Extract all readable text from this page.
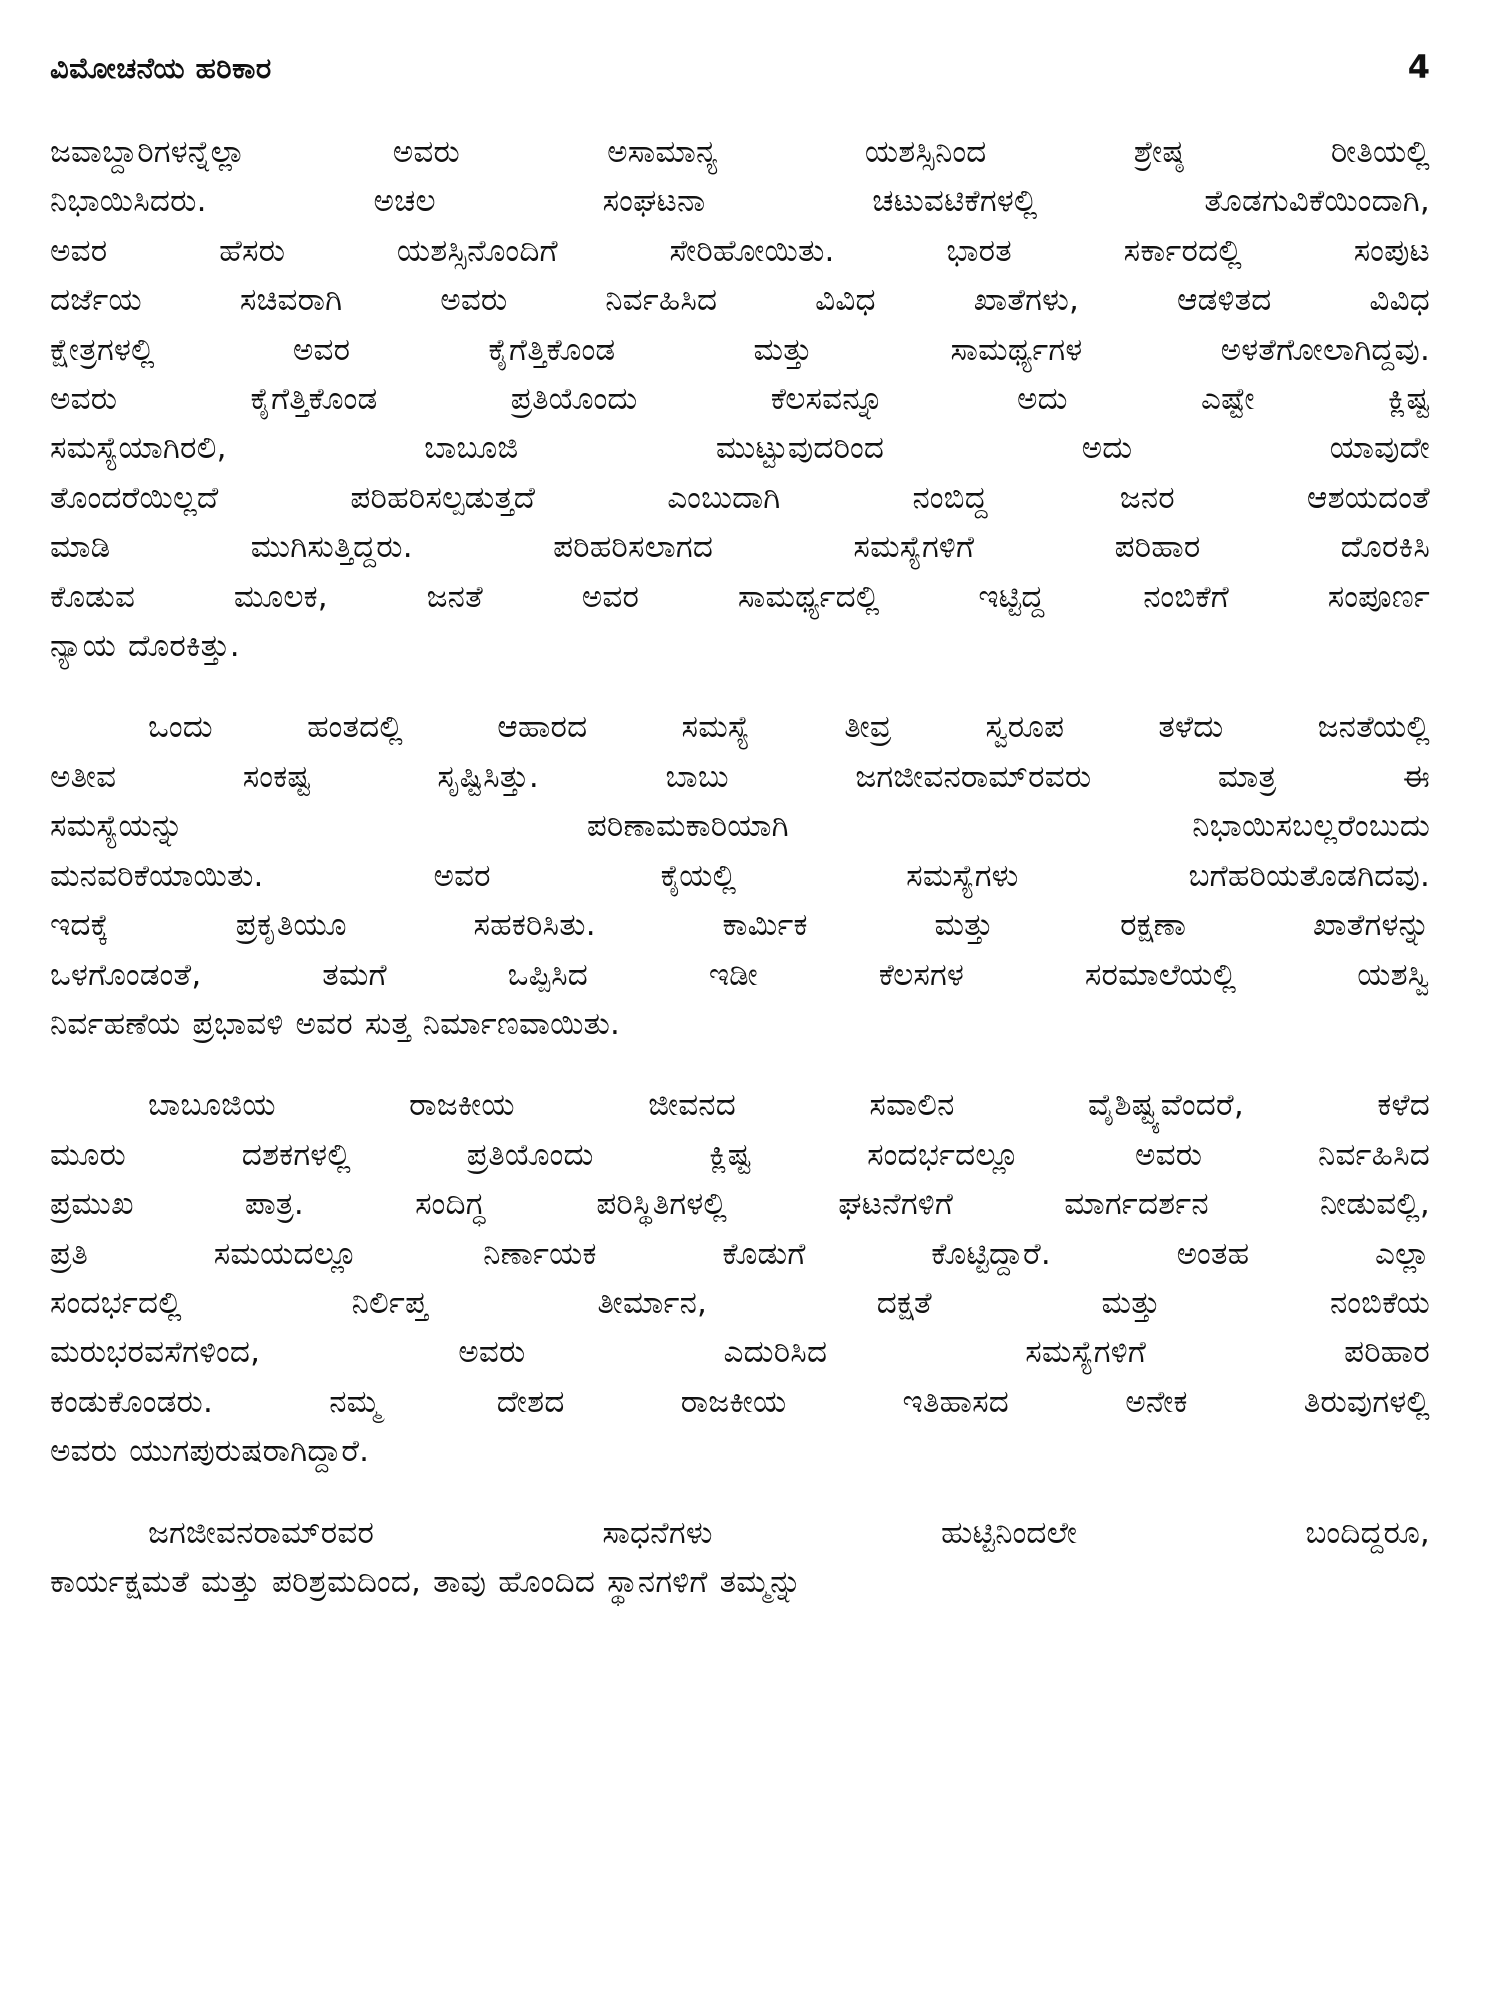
ವಿಮೋಚನೆಯ ಹರಿಕಾರ	4
ಜವಾಬ್ದಾರಿಗಳನ್ನೆಲ್ಲಾ ಅವರು ಅಸಾಮಾನ್ಯ ಯಶಸ್ಸಿನಿಂದ ಶ್ರೇಷ್ಠ ರೀತಿಯಲ್ಲಿ
ನಿಭಾಯಿಸಿದರು. ಅಚಲ ಸಂಘಟನಾ ಚಟುವಟಿಕೆಗಳಲ್ಲಿ ತೊಡಗುವಿಕೆಯಿಂದಾಗಿ,
ಅವರ ಹೆಸರು ಯಶಸ್ಸಿನೊಂದಿಗೆ ಸೇರಿಹೋಯಿತು. ಭಾರತ ಸರ್ಕಾರದಲ್ಲಿ ಸಂಪುಟ
ದರ್ಜೆಯ ಸಚಿವರಾಗಿ ಅವರು ನಿರ್ವಹಿಸಿದ ವಿವಿಧ ಖಾತೆಗಳು, ಆಡಳಿತದ ವಿವಿಧ
ಕ್ಷೇತ್ರಗಳಲ್ಲಿ ಅವರ ಕೈಗೆತ್ತಿಕೊಂಡ ಮತ್ತು ಸಾಮರ್ಥ್ಯಗಳ ಅಳತೆಗೋಲಾಗಿದ್ದವು.
ಅವರು ಕೈಗೆತ್ತಿಕೊಂಡ ಪ್ರತಿಯೊಂದು ಕೆಲಸವನ್ನೂ ಅದು ಎಷ್ಟೇ ಕ್ಲಿಷ್ಟ
ಸಮಸ್ಯೆಯಾಗಿರಲಿ, ಬಾಬೂಜಿ ಮುಟ್ಟುವುದರಿಂದ ಅದು ಯಾವುದೇ
ತೊಂದರೆಯಿಲ್ಲದೆ ಪರಿಹರಿಸಲ್ಪಡುತ್ತದೆ ಎಂಬುದಾಗಿ ನಂಬಿದ್ದ ಜನರ ಆಶಯದಂತೆ
ಮಾಡಿ ಮುಗಿಸುತ್ತಿದ್ದರು. ಪರಿಹರಿಸಲಾಗದ ಸಮಸ್ಯೆಗಳಿಗೆ ಪರಿಹಾರ ದೊರಕಿಸಿ
ಕೊಡುವ ಮೂಲಕ, ಜನತೆ ಅವರ ಸಾಮರ್ಥ್ಯದಲ್ಲಿ ಇಟ್ಟಿದ್ದ ನಂಬಿಕೆಗೆ ಸಂಪೂರ್ಣ
ನ್ಯಾಯ ದೊರಕಿತ್ತು.
ಒಂದು ಹಂತದಲ್ಲಿ ಆಹಾರದ ಸಮಸ್ಯೆ ತೀವ್ರ ಸ್ವರೂಪ ತಳೆದು ಜನತೆಯಲ್ಲಿ
ಅತೀವ ಸಂಕಷ್ಟ ಸೃಷ್ಟಿಸಿತ್ತು. ಬಾಬು ಜಗಜೀವನರಾಮ್‌ರವರು ಮಾತ್ರ ಈ
ಸಮಸ್ಯೆಯನ್ನು ಪರಿಣಾಮಕಾರಿಯಾಗಿ ನಿಭಾಯಿಸಬಲ್ಲರೆಂಬುದು
ಮನವರಿಕೆಯಾಯಿತು. ಅವರ ಕೈಯಲ್ಲಿ ಸಮಸ್ಯೆಗಳು ಬಗೆಹರಿಯತೊಡಗಿದವು.
ಇದಕ್ಕೆ ಪ್ರಕೃತಿಯೂ ಸಹಕರಿಸಿತು. ಕಾರ್ಮಿಕ ಮತ್ತು ರಕ್ಷಣಾ ಖಾತೆಗಳನ್ನು
ಒಳಗೊಂಡಂತೆ, ತಮಗೆ ಒಪ್ಪಿಸಿದ ಇಡೀ ಕೆಲಸಗಳ ಸರಮಾಲೆಯಲ್ಲಿ ಯಶಸ್ವಿ
ನಿರ್ವಹಣೆಯ ಪ್ರಭಾವಳಿ ಅವರ ಸುತ್ತ ನಿರ್ಮಾಣವಾಯಿತು.
ಬಾಬೂಜಿಯ ರಾಜಕೀಯ ಜೀವನದ ಸವಾಲಿನ ವೈಶಿಷ್ಟ್ಯವೆಂದರೆ, ಕಳೆದ
ಮೂರು ದಶಕಗಳಲ್ಲಿ ಪ್ರತಿಯೊಂದು ಕ್ಲಿಷ್ಟ ಸಂದರ್ಭದಲ್ಲೂ ಅವರು ನಿರ್ವಹಿಸಿದ
ಪ್ರಮುಖ ಪಾತ್ರ. ಸಂದಿಗ್ಧ ಪರಿಸ್ಥಿತಿಗಳಲ್ಲಿ ಘಟನೆಗಳಿಗೆ ಮಾರ್ಗದರ್ಶನ ನೀಡುವಲ್ಲಿ,
ಪ್ರತಿ ಸಮಯದಲ್ಲೂ ನಿರ್ಣಾಯಕ ಕೊಡುಗೆ ಕೊಟ್ಟಿದ್ದಾರೆ. ಅಂತಹ ಎಲ್ಲಾ
ಸಂದರ್ಭದಲ್ಲಿ ನಿರ್ಲಿಪ್ತ ತೀರ್ಮಾನ, ದಕ್ಷತೆ ಮತ್ತು ನಂಬಿಕೆಯ
ಮರುಭರವಸೆಗಳಿಂದ, ಅವರು ಎದುರಿಸಿದ ಸಮಸ್ಯೆಗಳಿಗೆ ಪರಿಹಾರ
ಕಂಡುಕೊಂಡರು. ನಮ್ಮ ದೇಶದ ರಾಜಕೀಯ ಇತಿಹಾಸದ ಅನೇಕ ತಿರುವುಗಳಲ್ಲಿ
ಅವರು ಯುಗಪುರುಷರಾಗಿದ್ದಾರೆ.
ಜಗಜೀವನರಾಮ್‌ರವರ ಸಾಧನೆಗಳು ಹುಟ್ಟಿನಿಂದಲೇ ಬಂದಿದ್ದರೂ,
ಕಾರ್ಯಕ್ಷಮತೆ ಮತ್ತು ಪರಿಶ್ರಮದಿಂದ, ತಾವು ಹೊಂದಿದ ಸ್ಥಾನಗಳಿಗೆ ತಮ್ಮನ್ನು
